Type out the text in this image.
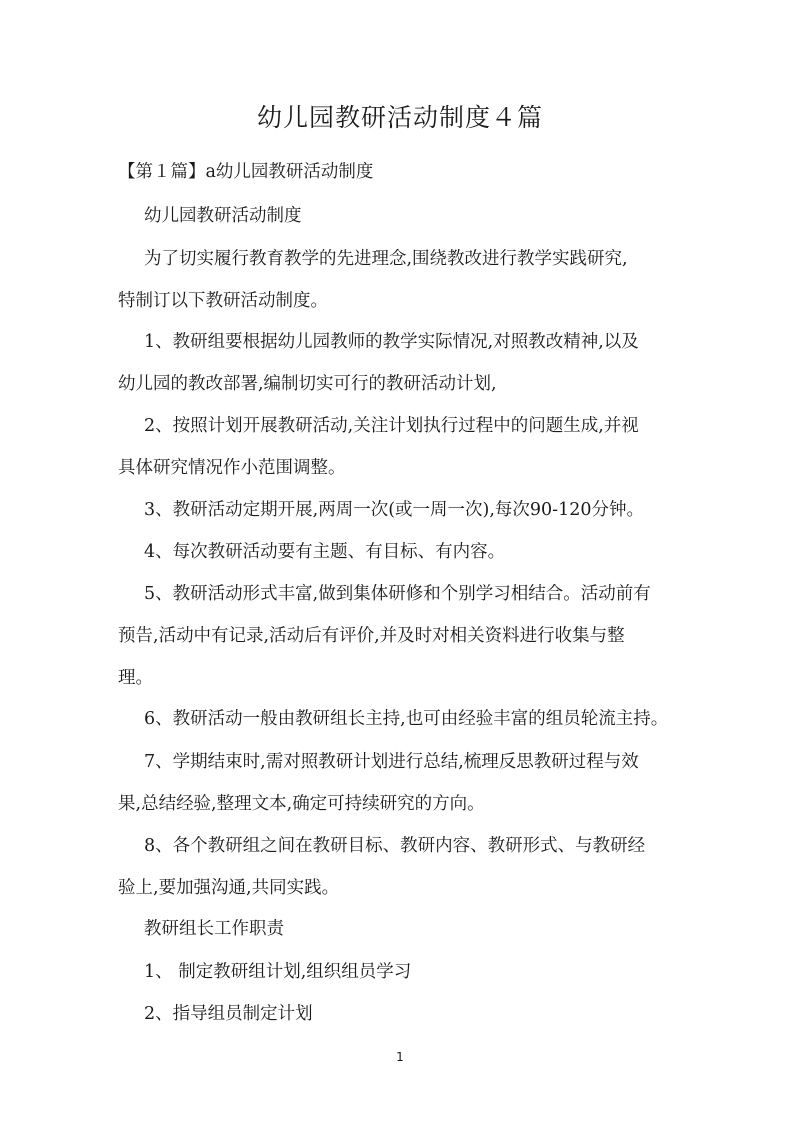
幼儿园教研活动制度４篇
【第１篇】a幼儿园教研活动制度
幼儿园教研活动制度
为了切实履行教育教学的先进理念,围绕教改进行教学实践研究,
特制订以下教研活动制度。
1、教研组要根据幼儿园教师的教学实际情况,对照教改精神,以及
幼儿园的教改部署,编制切实可行的教研活动计划,
2、按照计划开展教研活动,关注计划执行过程中的问题生成,并视
具体研究情况作小范围调整。
3、教研活动定期开展,两周一次(或一周一次),每次90-120分钟。
4、每次教研活动要有主题、有目标、有内容。
5、教研活动形式丰富,做到集体研修和个别学习相结合。活动前有
预告,活动中有记录,活动后有评价,并及时对相关资料进行收集与整
理。
6、教研活动一般由教研组长主持,也可由经验丰富的组员轮流主持。
7、学期结束时,需对照教研计划进行总结,梳理反思教研过程与效
果,总结经验,整理文本,确定可持续研究的方向。
8、各个教研组之间在教研目标、教研内容、教研形式、与教研经
验上,要加强沟通,共同实践。
教研组长工作职责
1、 制定教研组计划,组织组员学习
2、指导组员制定计划
1
